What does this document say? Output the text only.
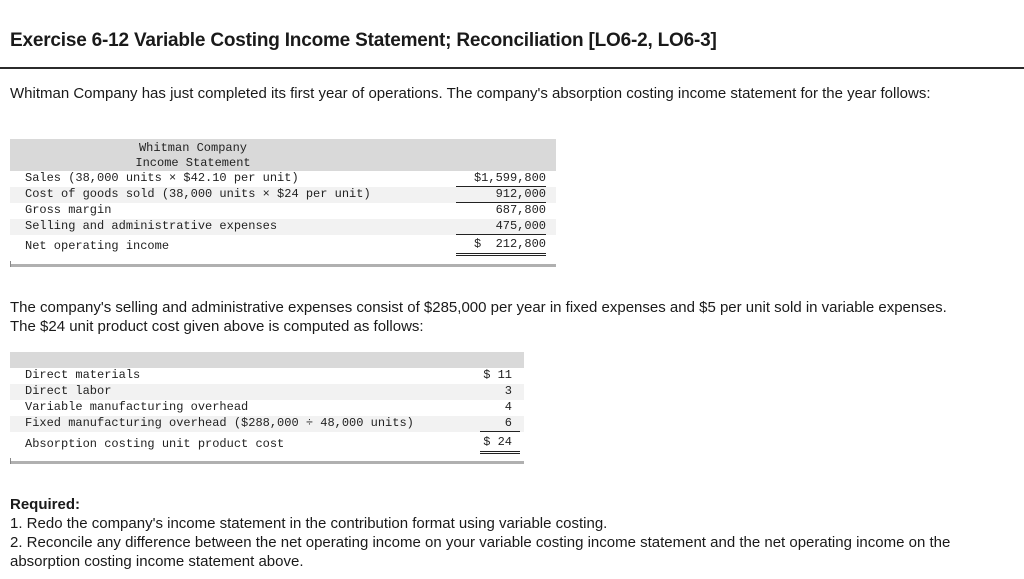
Exercise 6-12 Variable Costing Income Statement; Reconciliation [LO6-2, LO6-3]

Whitman Company has just completed its first year of operations. The company's absorption costing income statement for the year follows:

Whitman Company
Income Statement
Sales (38,000 units × $42.10 per unit)	$1,599,800
Cost of goods sold (38,000 units × $24 per unit)	912,000
Gross margin	687,800
Selling and administrative expenses	475,000
Net operating income	$  212,800

The company's selling and administrative expenses consist of $285,000 per year in fixed expenses and $5 per unit sold in variable expenses. The $24 unit product cost given above is computed as follows:

Direct materials	$ 11
Direct labor	3
Variable manufacturing overhead	4
Fixed manufacturing overhead ($288,000 ÷ 48,000 units)	6
Absorption costing unit product cost	$ 24
Required:
1. Redo the company's income statement in the contribution format using variable costing.
2. Reconcile any difference between the net operating income on your variable costing income statement and the net operating income on the absorption costing income statement above.
